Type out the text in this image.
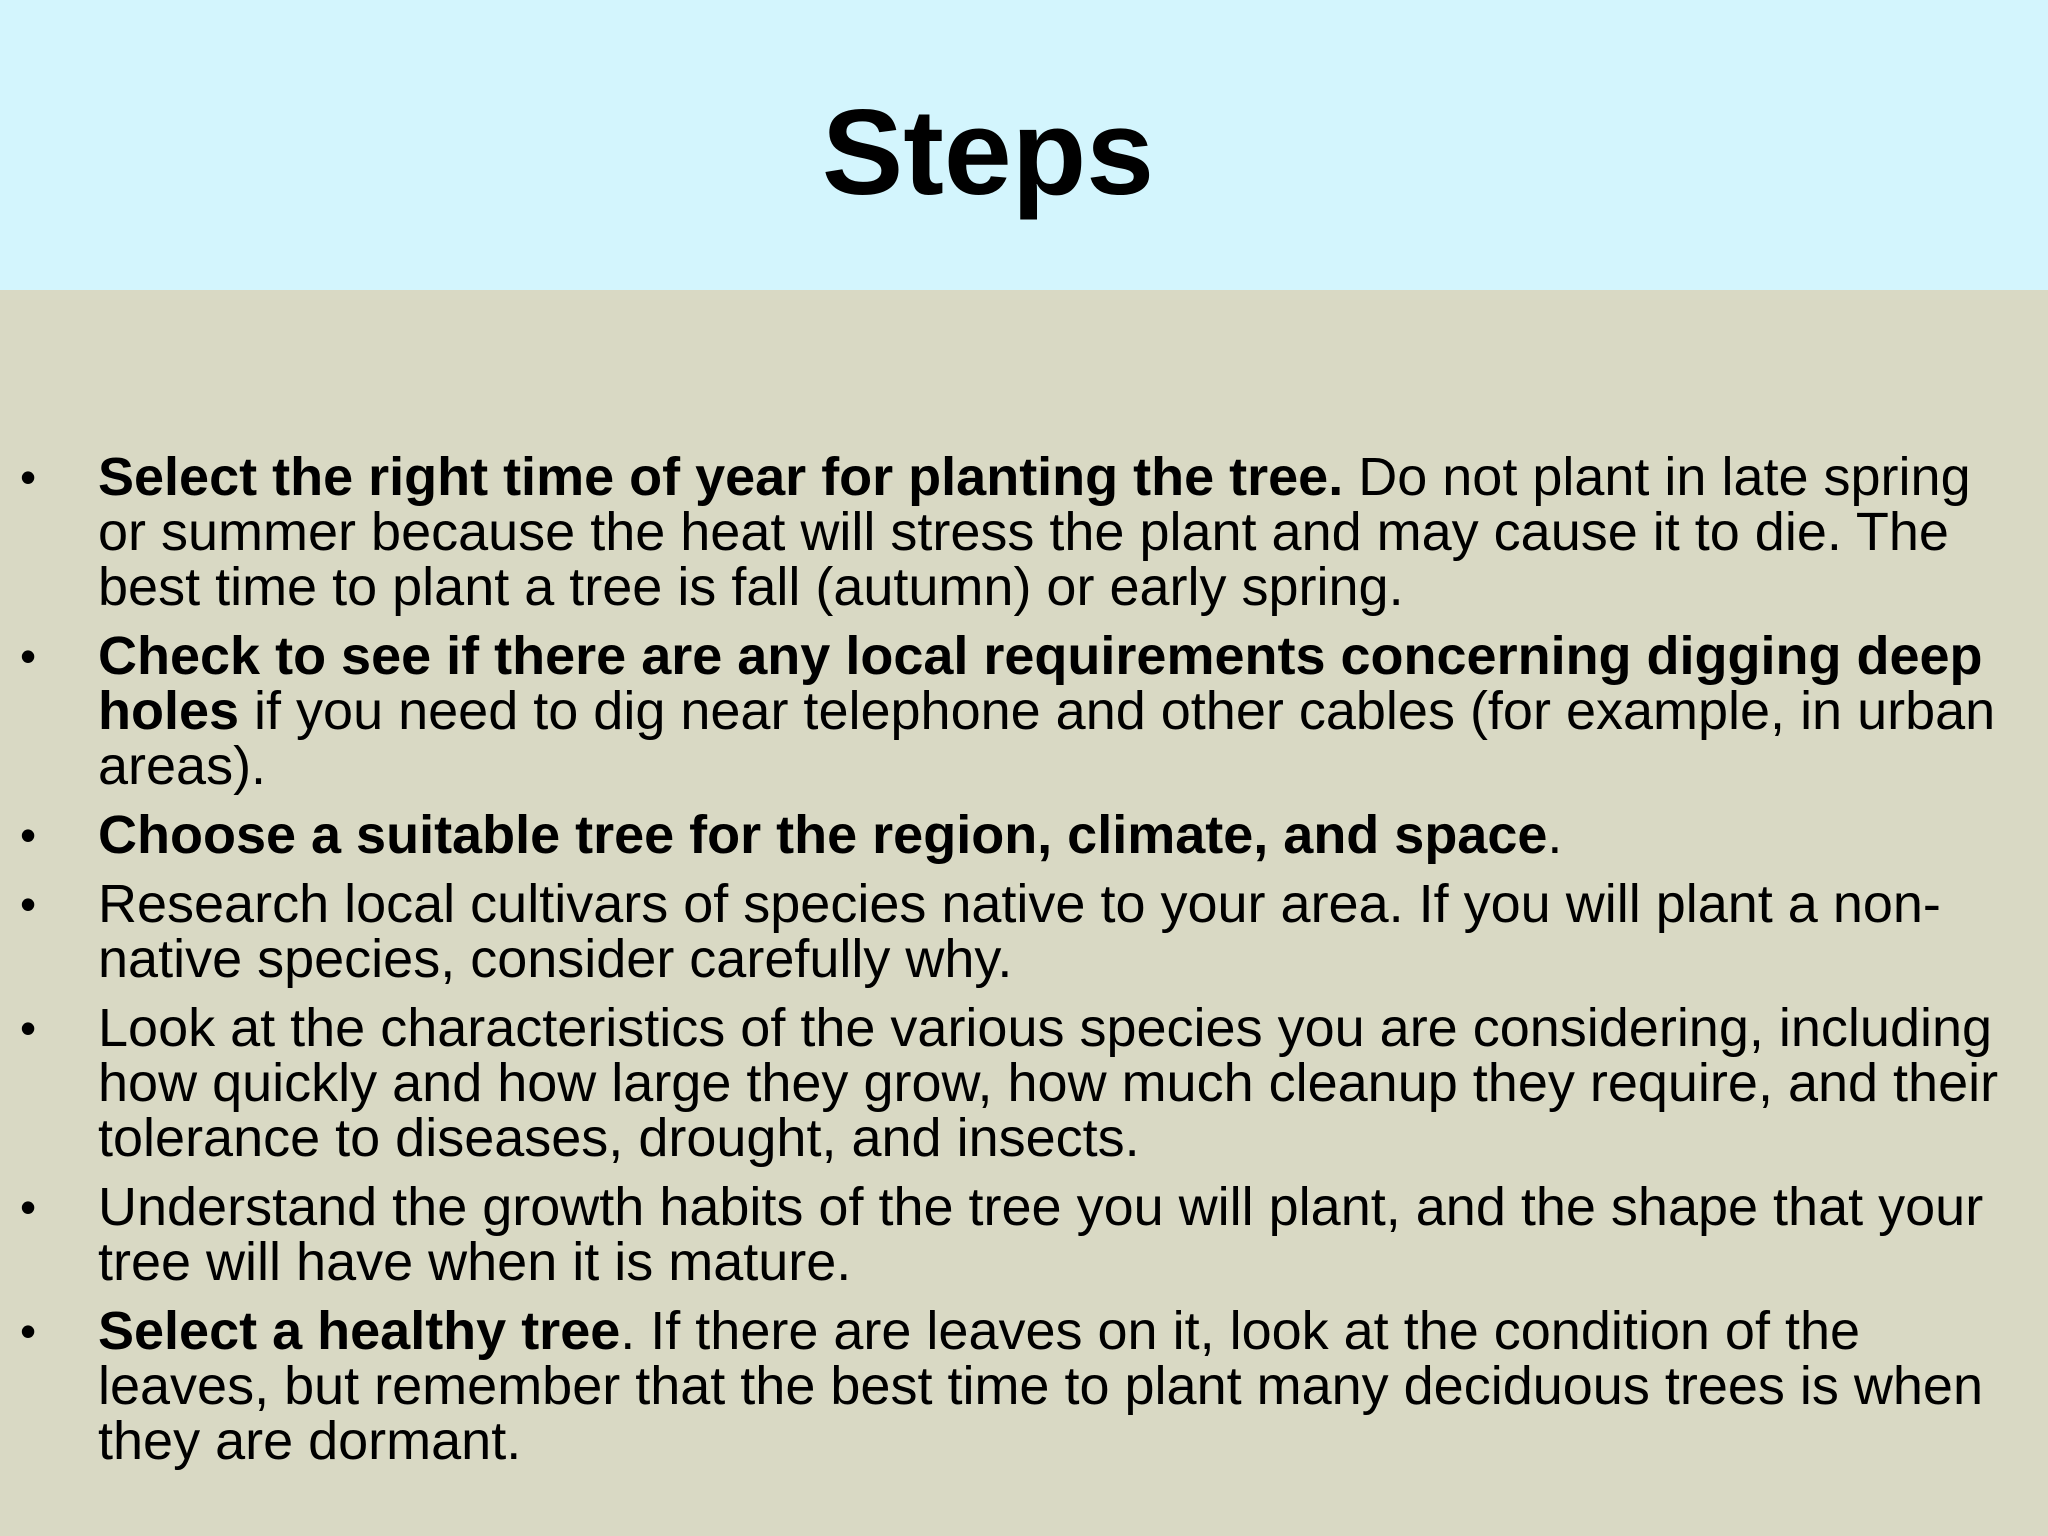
Steps
• Select the right time of year for planting the tree. Do not plant in late spring or summer because the heat will stress the plant and may cause it to die. The best time to plant a tree is fall (autumn) or early spring.
• Check to see if there are any local requirements concerning digging deep holes if you need to dig near telephone and other cables (for example, in urban areas).
• Choose a suitable tree for the region, climate, and space.
• Research local cultivars of species native to your area. If you will plant a non-native species, consider carefully why.
• Look at the characteristics of the various species you are considering, including how quickly and how large they grow, how much cleanup they require, and their tolerance to diseases, drought, and insects.
• Understand the growth habits of the tree you will plant, and the shape that your tree will have when it is mature.
• Select a healthy tree. If there are leaves on it, look at the condition of the leaves, but remember that the best time to plant many deciduous trees is when they are dormant.
